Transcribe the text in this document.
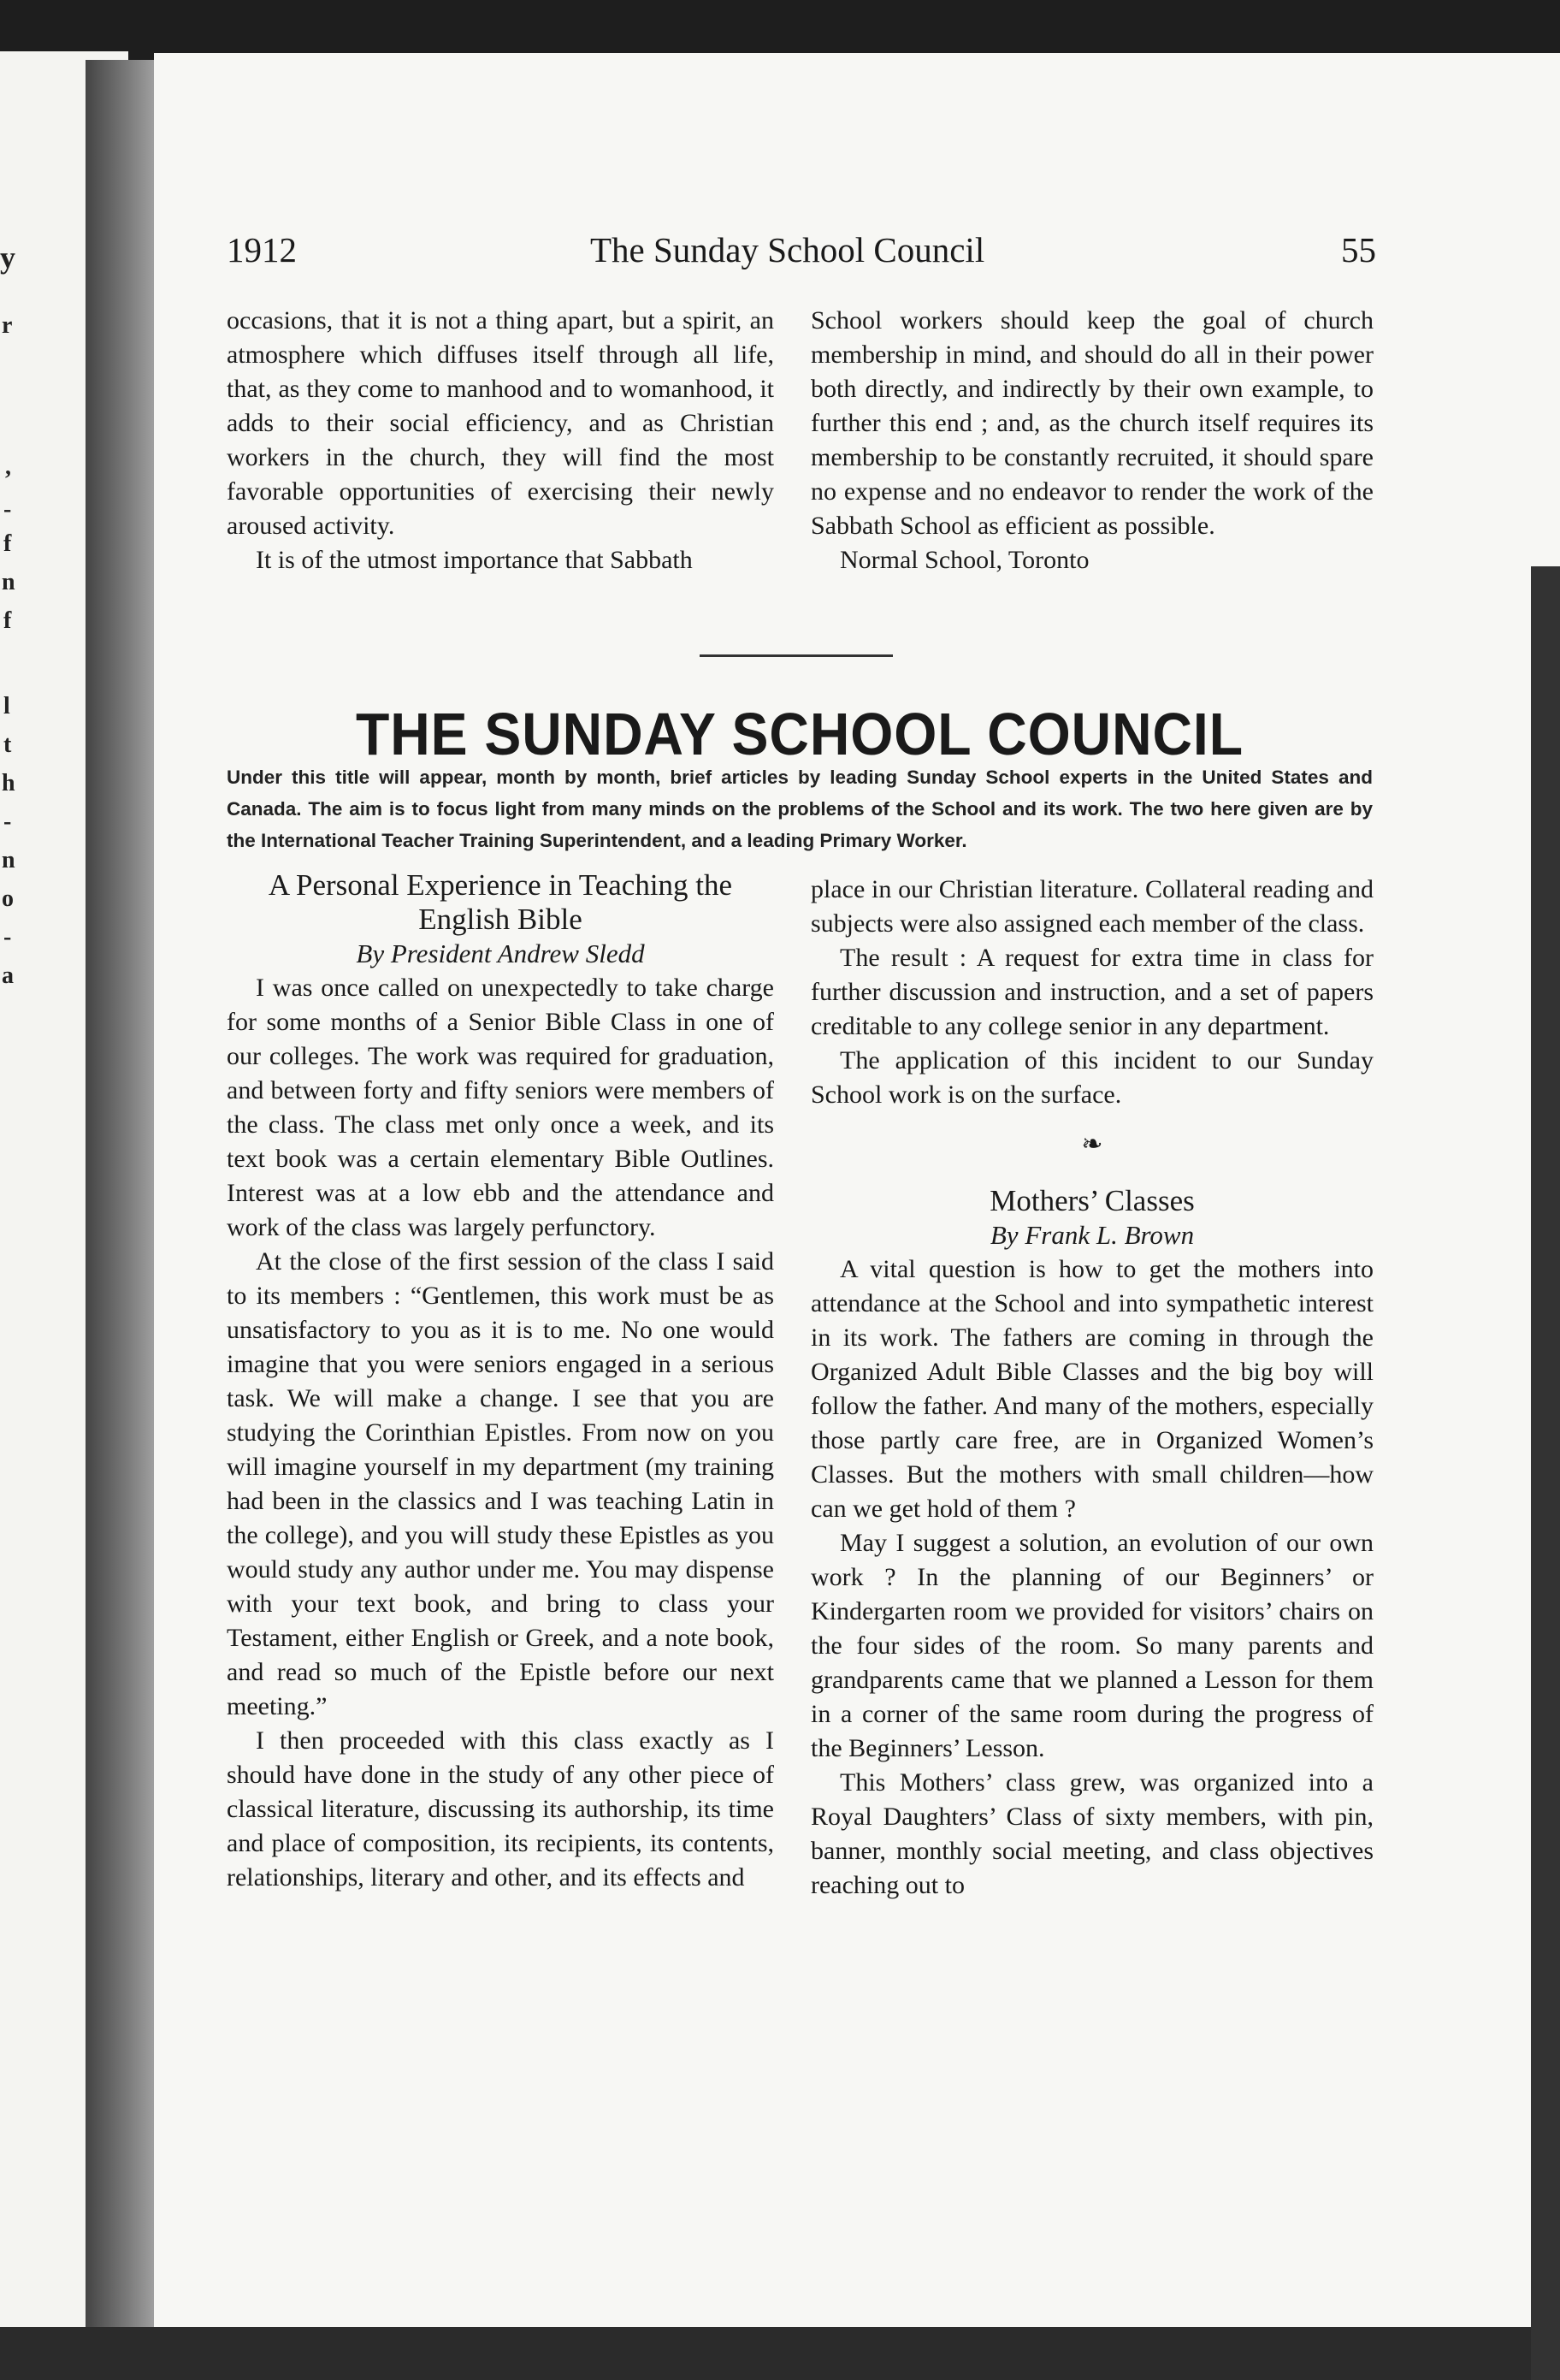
y
r
,
-
f
n
f
l
t
h
-
n
o
-
a
1912	The Sunday School Council	55

occasions, that it is not a thing apart, but a spirit, an atmosphere which diffuses itself through all life, that, as they come to manhood and to womanhood, it adds to their social efficiency, and as Christian workers in the church, they will find the most favorable opportunities of exercising their newly aroused activity.

It is of the utmost importance that Sabbath

School workers should keep the goal of church membership in mind, and should do all in their power both directly, and indirectly by their own example, to further this end ; and, as the church itself requires its membership to be constantly recruited, it should spare no expense and no endeavor to render the work of the Sabbath School as efficient as possible.

Normal School, Toronto

THE SUNDAY SCHOOL COUNCIL
Under this title will appear, month by month, brief articles by leading Sunday School experts in the United States and Canada. The aim is to focus light from many minds on the problems of the School and its work. The two here given are by the International Teacher Training Superintendent, and a leading Primary Worker.

A Personal Experience in Teaching the

English Bible

By President Andrew Sledd

I was once called on unexpectedly to take charge for some months of a Senior Bible Class in one of our colleges. The work was required for graduation, and between forty and fifty seniors were members of the class. The class met only once a week, and its text book was a certain elementary Bible Outlines. Interest was at a low ebb and the attendance and work of the class was largely perfunctory.

At the close of the first session of the class I said to its members : “Gentlemen, this work must be as unsatisfactory to you as it is to me. No one would imagine that you were seniors engaged in a serious task. We will make a change. I see that you are studying the Corinthian Epistles. From now on you will imagine yourself in my department (my training had been in the classics and I was teaching Latin in the college), and you will study these Epistles as you would study any author under me. You may dispense with your text book, and bring to class your Testament, either English or Greek, and a note book, and read so much of the Epistle before our next meeting.”

I then proceeded with this class exactly as I should have done in the study of any other piece of classical literature, discussing its authorship, its time and place of composition, its recipients, its contents, relationships, literary and other, and its effects and

place in our Christian literature. Collateral reading and subjects were also assigned each member of the class.

The result : A request for extra time in class for further discussion and instruction, and a set of papers creditable to any college senior in any department.

The application of this incident to our Sunday School work is on the surface.

❧

Mothers’ Classes

By Frank L. Brown

A vital question is how to get the mothers into attendance at the School and into sympathetic interest in its work. The fathers are coming in through the Organized Adult Bible Classes and the big boy will follow the father. And many of the mothers, especially those partly care free, are in Organized Women’s Classes. But the mothers with small children—how can we get hold of them ?

May I suggest a solution, an evolution of our own work ? In the planning of our Beginners’ or Kindergarten room we provided for visitors’ chairs on the four sides of the room. So many parents and grandparents came that we planned a Lesson for them in a corner of the same room during the progress of the Beginners’ Lesson.

This Mothers’ class grew, was organized into a Royal Daughters’ Class of sixty members, with pin, banner, monthly social meeting, and class objectives reaching out to
